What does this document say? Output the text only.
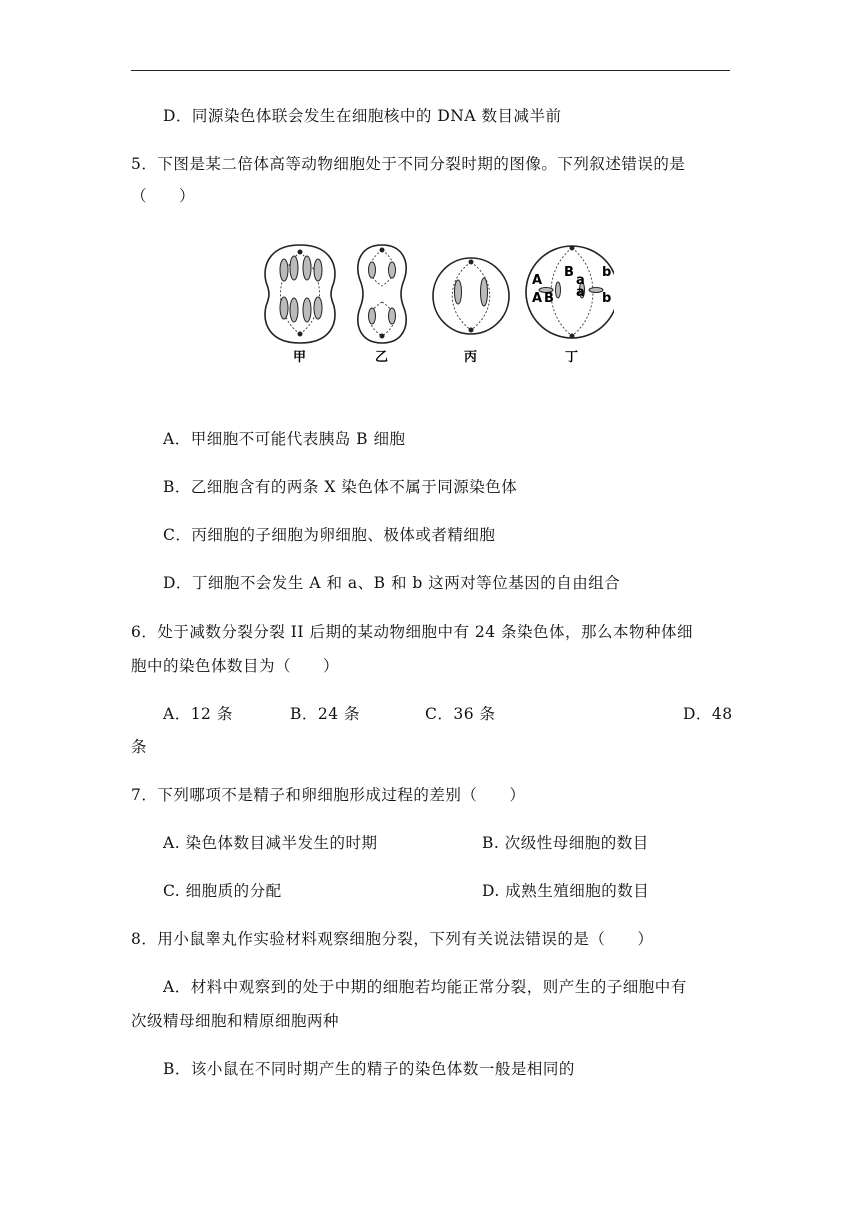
D．同源染色体联会发生在细胞核中的 DNA 数目减半前
5．下图是某二倍体高等动物细胞处于不同分裂时期的图像。下列叙述错误的是
（　　）
A
A
B
B
a
a
b
b
甲	乙	丙	丁
A．甲细胞不可能代表胰岛 B 细胞
B．乙细胞含有的两条 X 染色体不属于同源染色体
C．丙细胞的子细胞为卵细胞、极体或者精细胞
D．丁细胞不会发生 A 和 a、B 和 b 这两对等位基因的自由组合
6．处于减数分裂分裂 II 后期的某动物细胞中有 24 条染色体，那么本物种体细
胞中的染色体数目为（　　）
A．12 条	B．24 条	C．36 条	D．48
条
7．下列哪项不是精子和卵细胞形成过程的差别（　　）
A. 染色体数目减半发生的时期	B. 次级性母细胞的数目
C. 细胞质的分配	D. 成熟生殖细胞的数目
8．用小鼠睾丸作实验材料观察细胞分裂，下列有关说法错误的是（　　）
A．材料中观察到的处于中期的细胞若均能正常分裂，则产生的子细胞中有
次级精母细胞和精原细胞两种
B．该小鼠在不同时期产生的精子的染色体数一般是相同的
